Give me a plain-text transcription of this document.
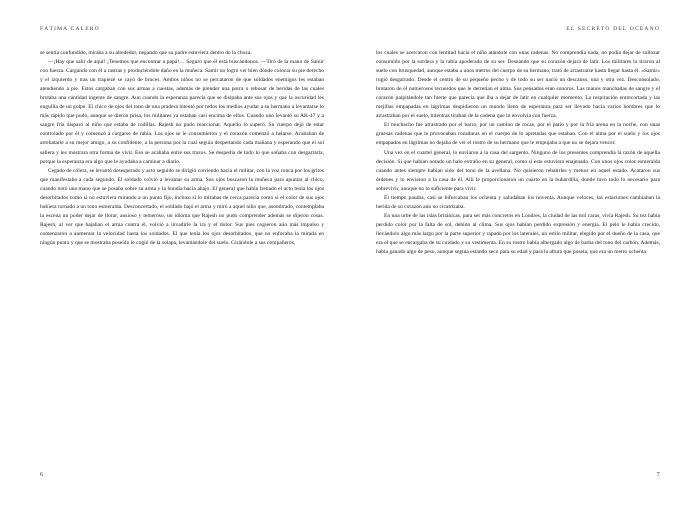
FÁTIMA CALERO

se sentía confundido, miraba a su alrededor, negando que su padre estuviera dentro de la choza.

—¡Hay que salir de aquí! ¡Tenemos que encontrar a papá!… Seguro que él está buscándonos. —Tiró de la mano de Samir con fuerza. Cargando con él a rastras y produciéndole daño en la muñeca. Samir no logró ver bien dónde colocar su pie derecho y el izquierdo y tras un trapiezé se cayó de bruces. Ambos niños no se percataron de que sóldados enemigos les estaban atendiendo a pie. Estos cargaban con sus armas a cuestas, además de prender una porra o rebosar de heridas de las cuales brotaba una cantidad ingente de sangre. Aun cuando la esperanza parecía que se disipaba ante sus ojos y que la oscuridad les engullía de un golpe. El chico de ojos del tono de una pradera intentó por todos los medios ayudar a su hermano a levantarse lo más rápido que pudo, aunque se dieron prisa, los militares ya estaban casi encima de ellos. Cuando uno levantó su AK-47 y a sangre fría disparó al niño que estaba de rodillas. Rajesh no pudo reaccionar. Aquello lo superó. Su cuerpo dejó de estar controlado por él y comenzó a cargarse de rabia. Los ojos se le consumieron y el corazón comenzó a helarse. Acababan de arrebatarle a su mejor amigo, a su confidente, a la persona por la cual seguía despertando cada mañana y esperando que el sol saliera y les mostrara otra forma de vivir. Eso se acababa entre sus trazos. Se despedía de todo lo que soñaba con desgarrarla, porque la esperanza era algo que le ayudaba a caminar a diario.

Cegado de cólera, se levantó desesperado y acto seguido se dirigió corriendo hacia el militar, con la voz ronca por los gritos que manifestaba a cada segundo. El soldado volvió a levantar su arma. Sus ojos buscaron la muñeca para apuntar al chico, cuando notó una mano que se posaba sobre su arma y la hundía hacia abajo. El general que había frenado el acto tenía los ojos desorbitados como si no estuviera mirando a un punto fijo, incluso si lo mirabas de cerca parecía como si el color de sus ojos hubiera tornado a un tono esmeralda. Desconcertado, el soldado bajó el arma y miró a aquel niño que, asombrado, contemplaba la escena un poder dejar de llorar, ansioso y temeroso, un idioma que Rajesh no pudo comprender además se dijeron cosas. Rajesh, al ver que bajaban el arma contra él, volvió a invadirle la ira y el dolor. Sus pies cogieron aún más impulso y comenzaron a aumentar la velocidad hasta los soldados. El que tenía los ojos desorbitados, que no enfocaba la mirada en ningún punto y que se mostraba poseído le cogió de la solapa, levantándole del suelo. Girándole a sus compañeros,

6
EL SECRETO DEL OCÉANO

los cuales se acercaron con lentitud hacia el niño atándole con unas cadenas. No comprendía nada, no podía dejar de sollozar consumido por la sordera y la rabia apoderado de su ser. Deseando que su corazón dejara de latir. Los militares lo tiraron al suelo con brusquedad, aunque estaba a unos metros del cuerpo de su hermano, trató de arrastrarse hasta llegar hasta él. «Samir» rugió desgarrado. Desde el centro de su pequeño pecho y de todo su ser nació un descanso, una y otra vez. Desconsolado, brotaron de él numerosos recuerdos que le derretían el alma. Sus pensados eran sonoros. Las manos manchadas de sangre y el corazón palpitándole tan fuerte que parecía que iba a dejar de latir en cualquier momento. La respiración entrecortada y las mejillas empapadas en lágrimas despidieron un mundo lleno de esperanza para ser llevado hacia varios hombres que lo arrastraban por el suelo, mientras tiraban de la cadena que lo envolvía con fuerza.

El muchacho fue arrastrado por el barro, por un camino de rocas, por el patio y por la fría arena en la noche, con unas gruesas cadenas que le provocaban rozaduras en el cuerpo de lo apretadas que estaban. Con el alma por el suelo y los ojos empapados en lágrimas no dejaba de ver el rostro de su hermano que le empujaba a que no se dejara vencer.

Una vez en el cuartel general, lo enviaron a la casa del sargento. Ninguno de los presentes comprendía la razón de aquella decisión. Si que habían notado un halo extraño en su general, como si este estuviera enajenado. Con unos ojos color esmeralda cuando antes siempre habían sido del tono de la avellana. No quisieron rebatirles y menos en aquel estado. Acataron sus órdenes y lo enviaron a la casa de él. Allí le proporcionaron un cuarto en la buhardilla, donde tuvo todo lo necesario para sobrevivir, aunque no lo suficiente para vivir.

El tiempo pasaba, casi se bifurcaban los ochenta y saludaban los noventa. Aunque veloces, las estaciones cambiaban la herida de su corazón aún no cicatrizaba.

En una urbe de las islas británicas, para ser más concretos en Londres, la ciudad de las mil caras, vivía Rajesh. Su tez había perdido color por la falta de sol, debido al clima. Sus ojos habían perdido expresión y energía. El pelo le había crecido, llevándolo algo más largo por la parte superior y rapado por los laterales, un estilo militar, elegido por el dueño de la casa, que era el que se encargaba de su cuidado y su vestimenta. En su rostro había albergado algo de barba del tono del carbón. Además, había ganado algo de peso, aunque seguía estando seco para su edad y para la altura que poseía, que era un metro ochenta.

7
